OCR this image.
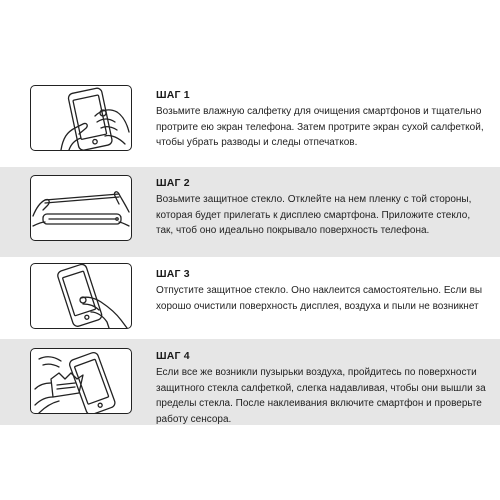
ШАГ 1

Возьмите влажную салфетку для очищения смартфонов и тщательно протрите ею экран телефона. Затем протрите экран сухой салфеткой, чтобы убрать разводы и следы отпечатков.

ШАГ 2

Возьмите защитное стекло. Отклейте на нем пленку с той стороны, которая будет прилегать к дисплею смартфона. Приложите стекло, так, чтоб оно идеально покрывало поверхность телефона.

ШАГ 3

Отпустите защитное стекло. Оно наклеится самостоятельно. Если вы хорошо очистили поверхность дисплея, воздуха и пыли не возникнет

ШАГ 4

Если все же возникли пузырьки воздуха, пройдитесь по поверхности защитного стекла салфеткой, слегка надавливая, чтобы они вышли за пределы стекла. После наклеивания включите смартфон и проверьте работу сенсора.
